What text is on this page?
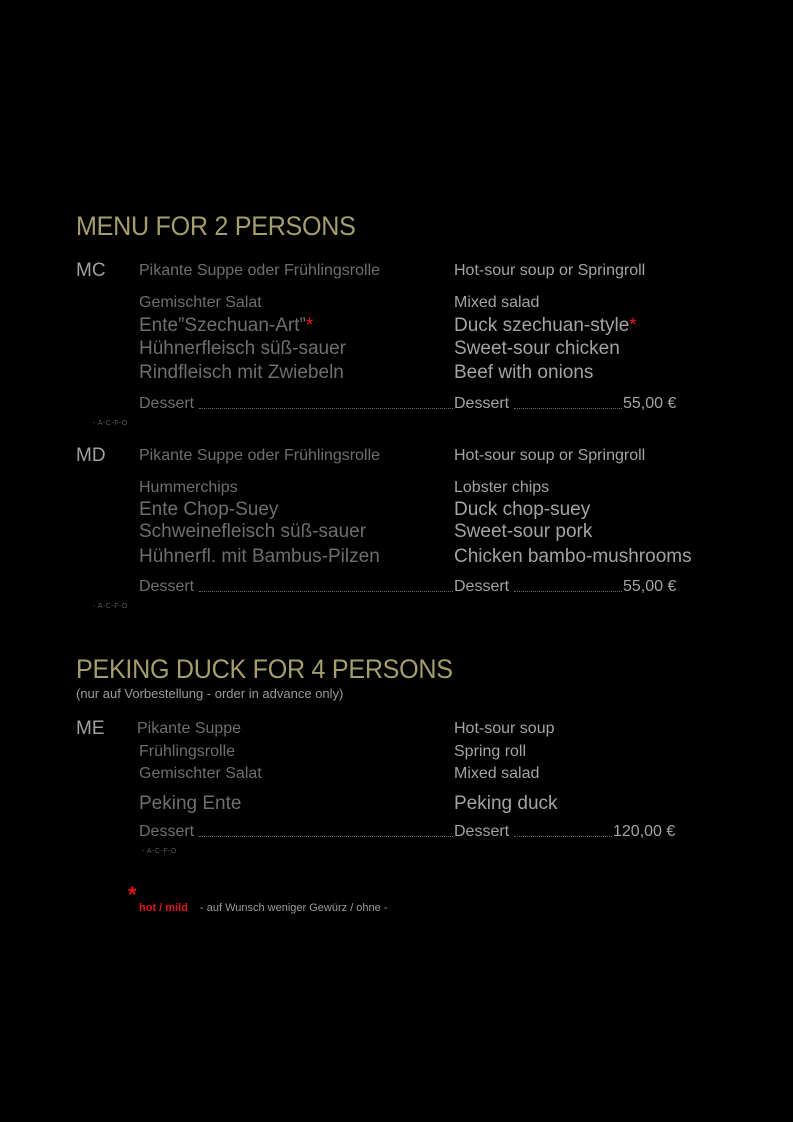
MENU FOR 2 PERSONS
MC Pikante Suppe oder Frühlingsrolle	Hot-sour soup or Springroll
Gemischter Salat	Mixed salad
Ente”Szechuan-Art”*	Duck szechuan-style*
Hühnerfleisch süß-sauer	Sweet-sour chicken
Rindfleisch mit Zwiebeln	Beef with onions
Dessert	Dessert	55,00 €
- A-C-F-O
MD Pikante Suppe oder Frühlingsrolle	Hot-sour soup or Springroll
Hummerchips	Lobster chips
Ente Chop-Suey	Duck chop-suey
Schweinefleisch süß-sauer	Sweet-sour pork
Hühnerfl. mit Bambus-Pilzen	Chicken bambo-mushrooms
Dessert	Dessert	55,00 €
- A-C-F-O
PEKING DUCK FOR 4 PERSONS
(nur auf Vorbestellung - order in advance only)
ME Pikante Suppe	Hot-sour soup
Frühlingsrolle	Spring roll
Gemischter Salat	Mixed salad
Peking Ente	Peking duck
Dessert	Dessert	120,00 €
- A-C-F-O
*
hot / mild - auf Wunsch weniger Gewürz / ohne -
